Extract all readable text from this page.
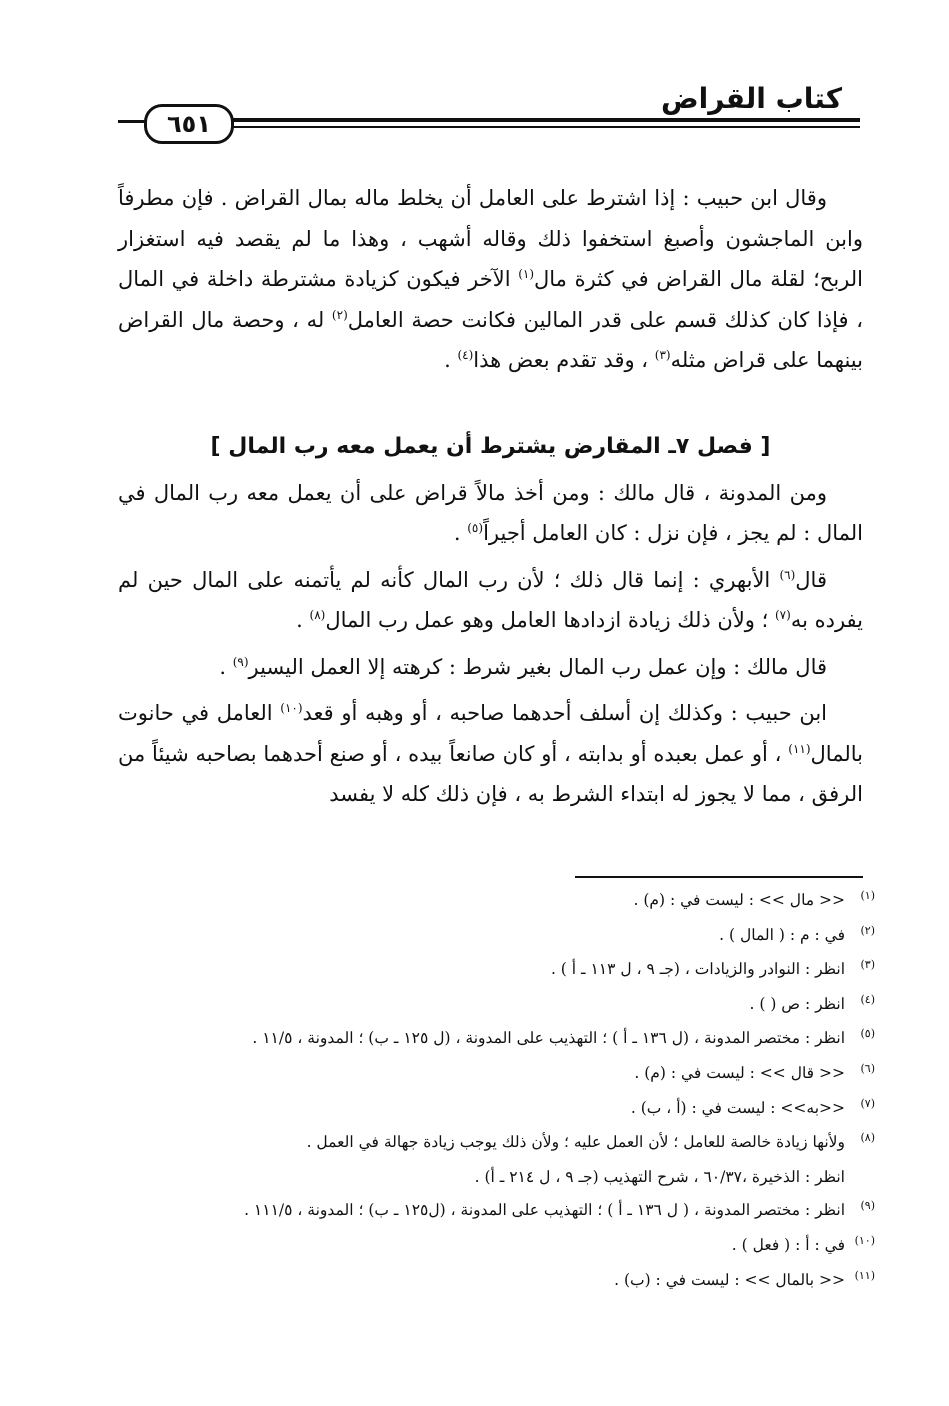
كتاب القراض
٦٥١

وقال ابن حبيب : إذا اشترط على العامل أن يخلط ماله بمال القراض . فإن مطرفاً وابن الماجشون وأصبغ استخفوا ذلك وقاله أشهب ، وهذا ما لم يقصد فيه استغزار الربح؛ لقلة مال القراض في كثرة مال$^{(١)}$ الآخر فيكون كزيادة مشترطة داخلة في المال ، فإذا كان كذلك قسم على قدر المالين فكانت حصة العامل$^{(٢)}$ له ، وحصة مال القراض بينهما على قراض مثله$^{(٣)}$ ، وقد تقدم بعض هذا$^{(٤)}$ .

[ فصل ٧ـ المقارض يشترط أن يعمل معه رب المال ]

ومن المدونة ، قال مالك : ومن أخذ مالاً قراض على أن يعمل معه رب المال في المال : لم يجز ، فإن نزل : كان العامل أجيراً$^{(٥)}$ .

قال$^{(٦)}$ الأبهري : إنما قال ذلك ؛ لأن رب المال كأنه لم يأتمنه على المال حين لم يفرده به$^{(٧)}$ ؛ ولأن ذلك زيادة ازدادها العامل وهو عمل رب المال$^{(٨)}$ .

قال مالك : وإن عمل رب المال بغير شرط : كرهته إلا العمل اليسير$^{(٩)}$ .

ابن حبيب : وكذلك إن أسلف أحدهما صاحبه ، أو وهبه أو قعد$^{(١٠)}$ العامل في حانوت بالمال$^{(١١)}$ ، أو عمل بعبده أو بدابته ، أو كان صانعاً بيده ، أو صنع أحدهما بصاحبه شيئاً من الرفق ، مما لا يجوز له ابتداء الشرط به ، فإن ذلك كله لا يفسد

(١)
<< مال >> : ليست في : (م) .
(٢)
في : م : ( المال ) .
(٣)
انظر : النوادر والزيادات ، (جـ ٩ ، ل ١١٣ ـ أ ) .
(٤)
انظر : ص ( ) .
(٥)
انظر : مختصر المدونة ، (ل ١٣٦ ـ أ ) ؛ التهذيب على المدونة ، (ل ١٢٥ ـ ب) ؛ المدونة ، ١١/٥ .
(٦)
<< قال >> : ليست في : (م) .
(٧)
<<به>> : ليست في : (أ ، ب) .
(٨)
ولأنها زيادة خالصة للعامل ؛ لأن العمل عليه ؛ ولأن ذلك يوجب زيادة جهالة في العمل .
انظر : الذخيرة ،٦٠/٣٧ ، شرح التهذيب (جـ ٩ ، ل ٢١٤ ـ أ) .
(٩)
انظر : مختصر المدونة ، ( ل ١٣٦ ـ أ ) ؛ التهذيب على المدونة ، (ل١٢٥ ـ ب) ؛ المدونة ، ١١١/٥ .
(١٠)
في : أ : ( فعل ) .
(١١)
<< بالمال >> : ليست في : (ب) .
